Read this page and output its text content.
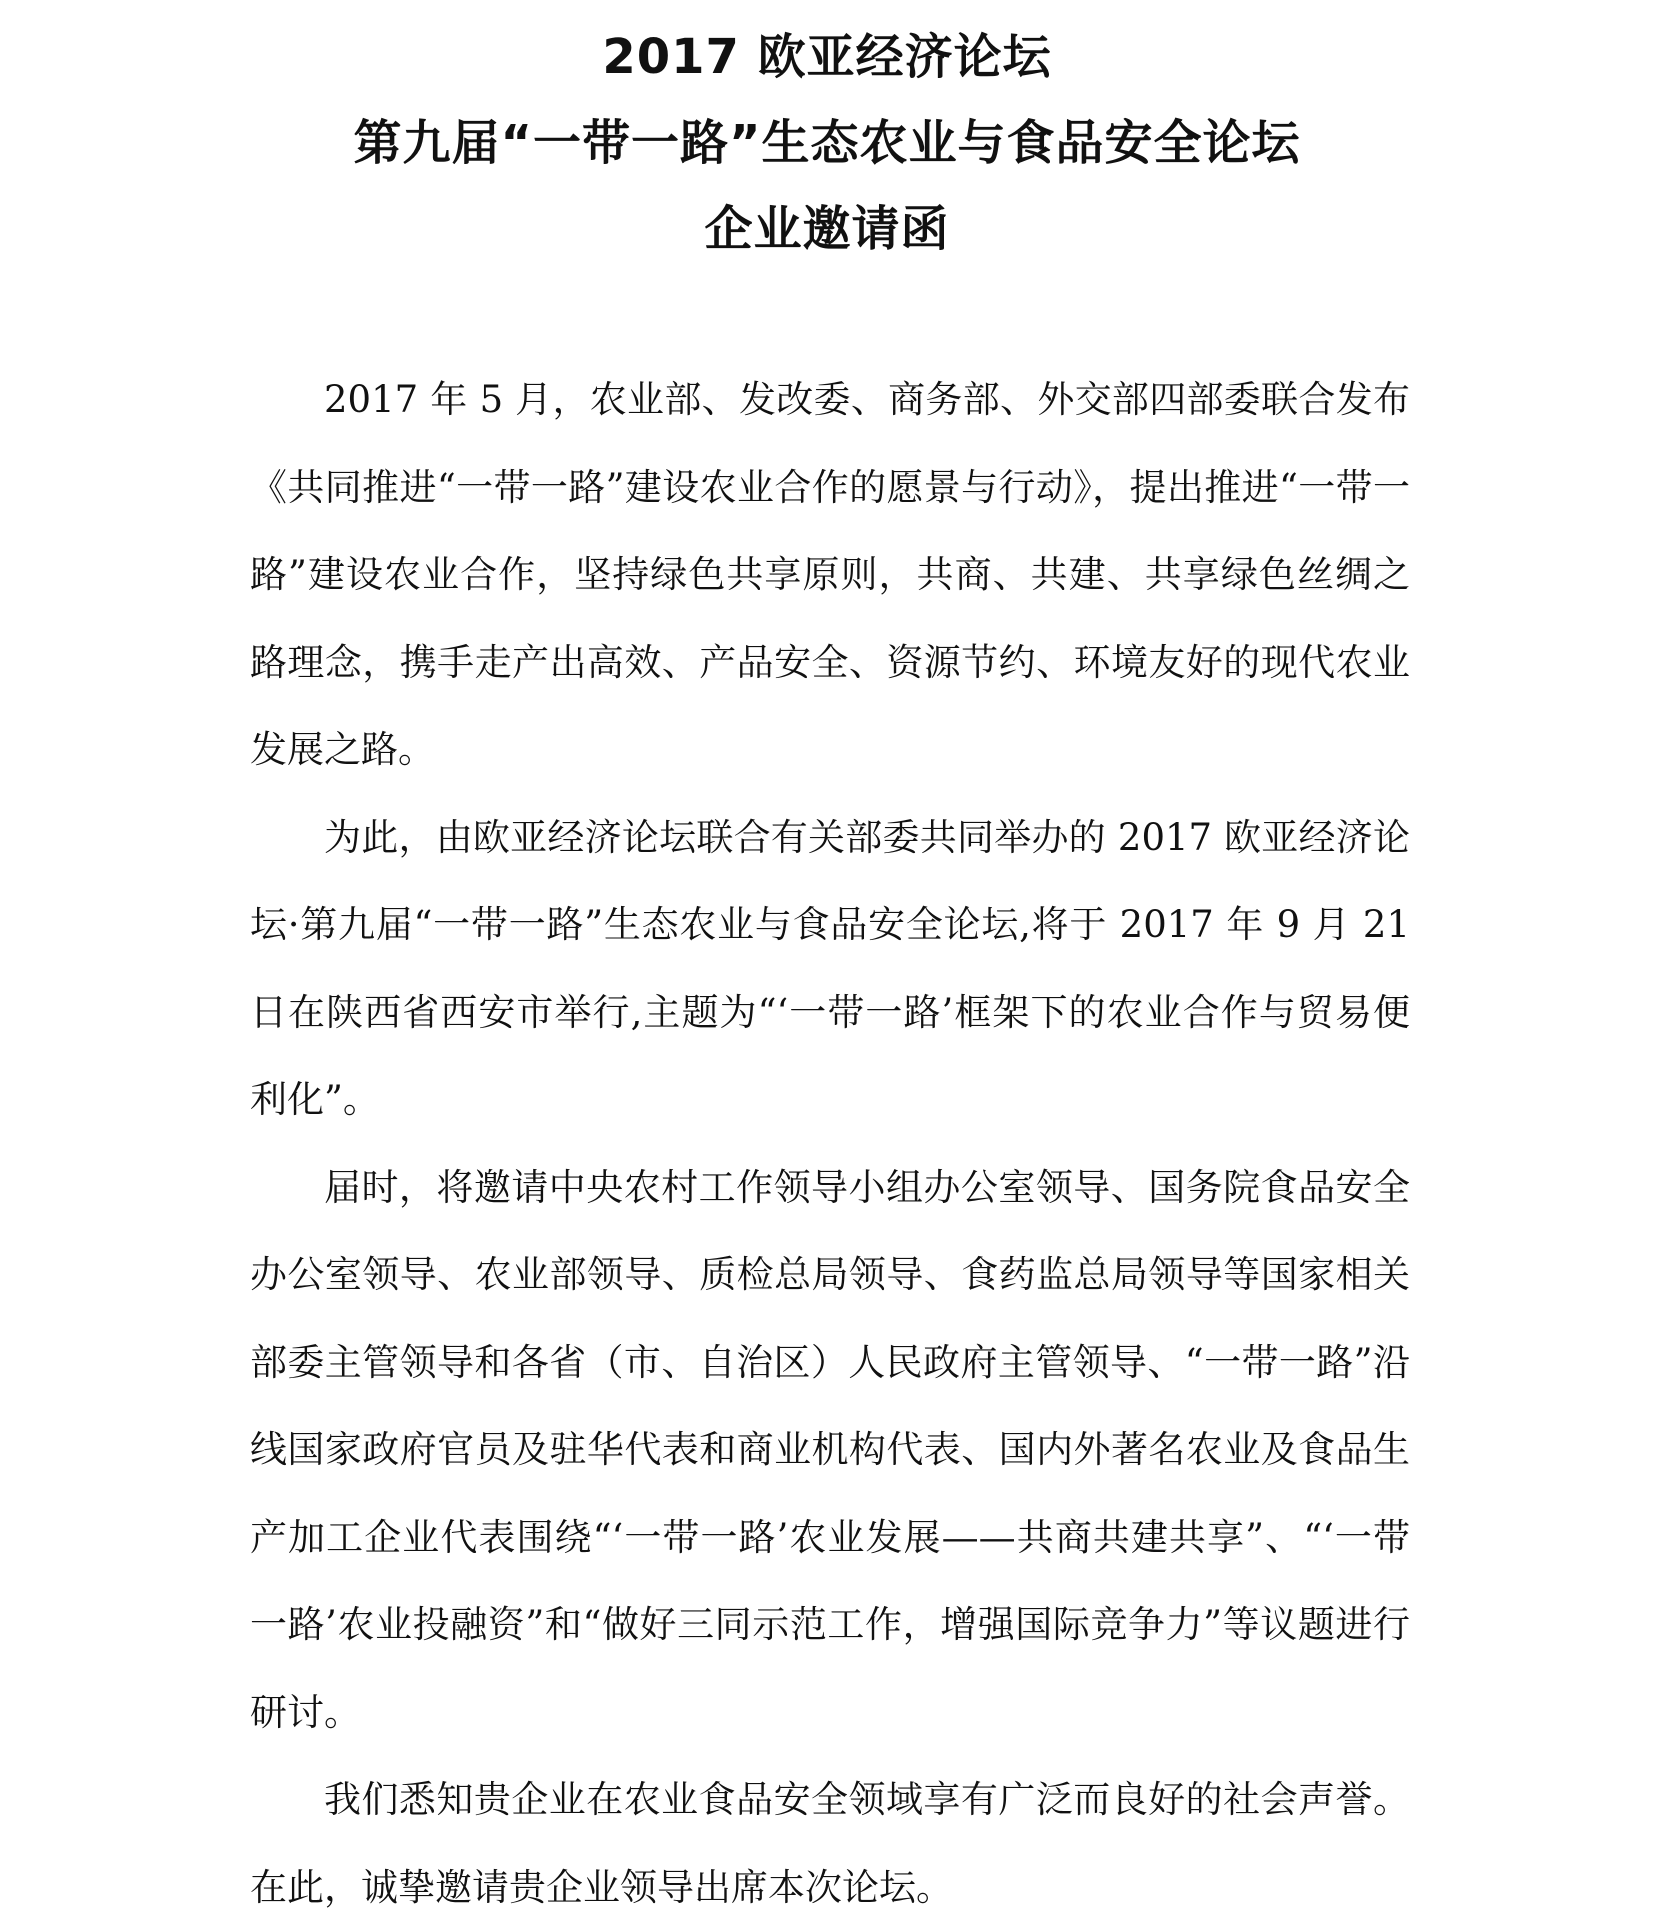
2017 欧亚经济论坛
第九届“一带一路”生态农业与食品安全论坛
企业邀请函

2017 年 5 月，农业部、发改委、商务部、外交部四部委联合发布《共同推进“一带一路”建设农业合作的愿景与行动》，提出推进“一带一路”建设农业合作，坚持绿色共享原则，共商、共建、共享绿色丝绸之路理念，携手走产出高效、产品安全、资源节约、环境友好的现代农业发展之路。

为此，由欧亚经济论坛联合有关部委共同举办的 2017 欧亚经济论坛·第九届“一带一路”生态农业与食品安全论坛,将于 2017 年 9 月 21 日在陕西省西安市举行,主题为“‘一带一路’框架下的农业合作与贸易便利化”。

届时，将邀请中央农村工作领导小组办公室领导、国务院食品安全办公室领导、农业部领导、质检总局领导、食药监总局领导等国家相关部委主管领导和各省（市、自治区）人民政府主管领导、“一带一路”沿线国家政府官员及驻华代表和商业机构代表、国内外著名农业及食品生产加工企业代表围绕“‘一带一路’农业发展——共商共建共享”、“‘一带一路’农业投融资”和“做好三同示范工作，增强国际竞争力”等议题进行研讨。

我们悉知贵企业在农业食品安全领域享有广泛而良好的社会声誉。在此，诚挚邀请贵企业领导出席本次论坛。
